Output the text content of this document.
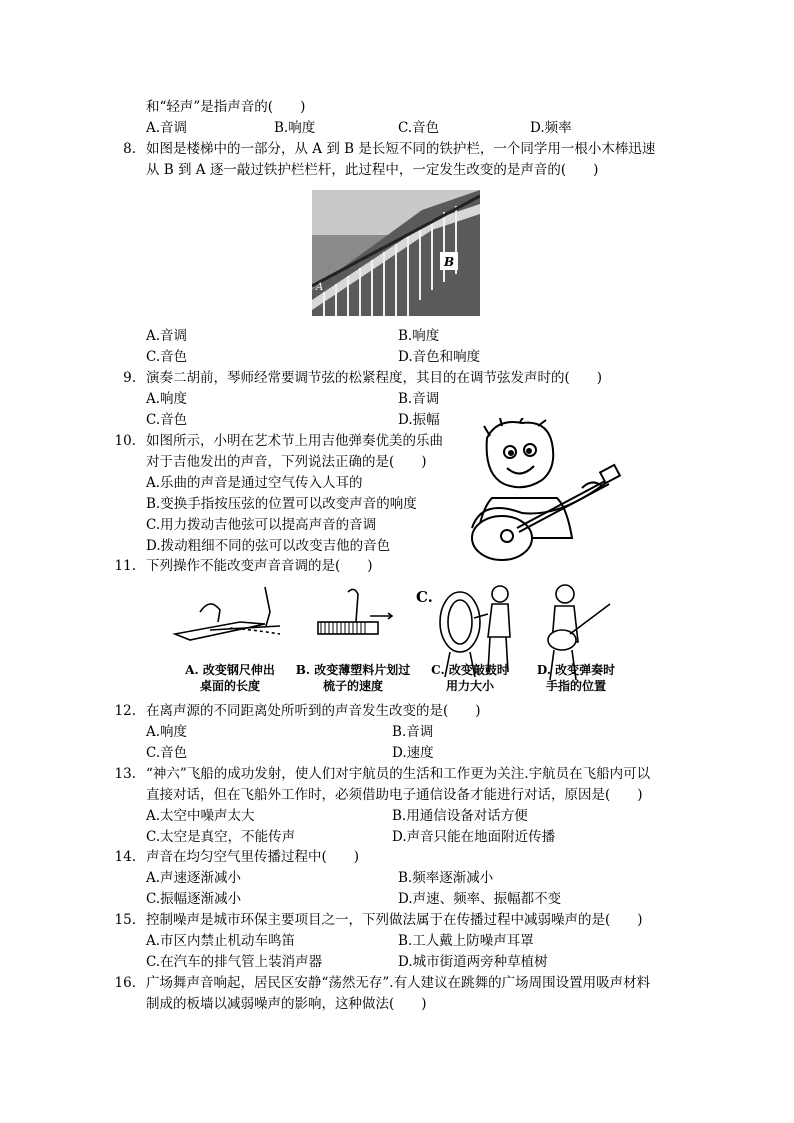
和“轻声”是指声音的(　　)
A.音调	B.响度	C.音色	D.频率
8. 如图是楼梯中的一部分，从 A 到 B 是长短不同的铁护栏，一个同学用一根小木棒迅速
从 B 到 A 逐一敲过铁护栏栏杆，此过程中，一定发生改变的是声音的(　　)
B
A
A.音调	B.响度
C.音色	D.音色和响度
9. 演奏二胡前，琴师经常要调节弦的松紧程度，其目的在调节弦发声时的(　　)
A.响度	B.音调
C.音色	D.振幅
10. 如图所示，小明在艺术节上用吉他弹奏优美的乐曲
对于吉他发出的声音，下列说法正确的是(　　)
A.乐曲的声音是通过空气传入人耳的
B.变换手指按压弦的位置可以改变声音的响度
C.用力拨动吉他弦可以提高声音的音调
D.拨动粗细不同的弦可以改变吉他的音色
11. 下列操作不能改变声音音调的是(　　)
C.
A. 改变钢尺伸出
桌面的长度
B. 改变薄塑料片划过
梳子的速度
C. 改变敲鼓时
用力大小
D. 改变弹奏时
手指的位置
12. 在离声源的不同距离处所听到的声音发生改变的是(　　)
A.响度	B.音调
C.音色	D.速度
13. “神六”飞船的成功发射，使人们对宇航员的生活和工作更为关注.宇航员在飞船内可以
直接对话，但在飞船外工作时，必须借助电子通信设备才能进行对话，原因是(　　)
A.太空中噪声太大	B.用通信设备对话方便
C.太空是真空，不能传声	D.声音只能在地面附近传播
14. 声音在均匀空气里传播过程中(　　)
A.声速逐渐减小	B.频率逐渐减小
C.振幅逐渐减小	D.声速、频率、振幅都不变
15. 控制噪声是城市环保主要项目之一，下列做法属于在传播过程中减弱噪声的是(　　)
A.市区内禁止机动车鸣笛	B.工人戴上防噪声耳罩
C.在汽车的排气管上装消声器	D.城市街道两旁种草植树
16. 广场舞声音响起，居民区安静“荡然无存”.有人建议在跳舞的广场周围设置用吸声材料
制成的板墙以减弱噪声的影响，这种做法(　　)
